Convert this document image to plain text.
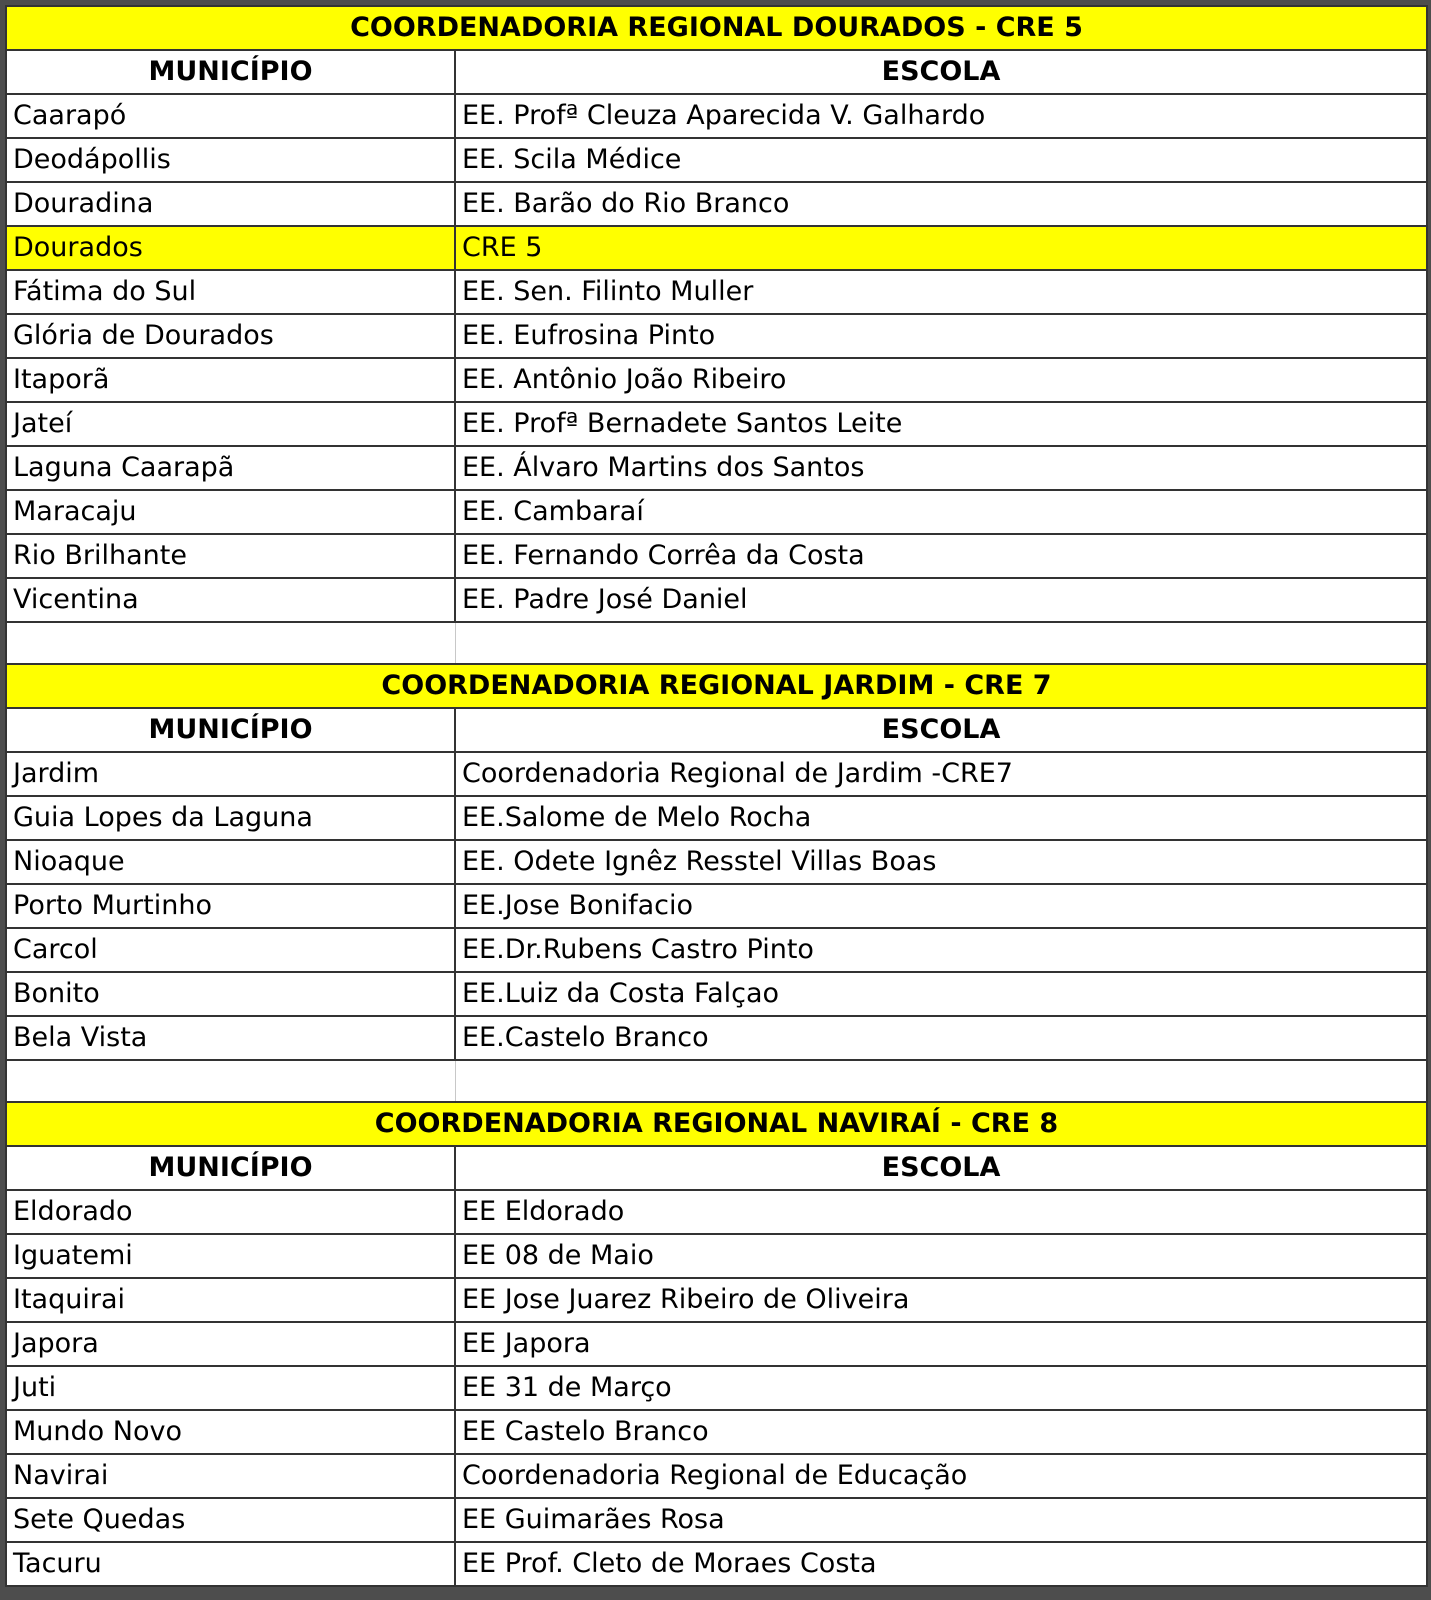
COORDENADORIA REGIONAL DOURADOS - CRE 5	
MUNICÍPIO	ESCOLA
Caarapó	EE. Profª Cleuza Aparecida V. Galhardo
Deodápollis	EE. Scila Médice
Douradina	EE. Barão do Rio Branco
Dourados	CRE 5
Fátima do Sul	EE. Sen. Filinto Muller
Glória de Dourados	EE. Eufrosina Pinto
Itaporã	EE. Antônio João Ribeiro
Jateí	EE. Profª Bernadete Santos Leite
Laguna Caarapã	EE. Álvaro Martins dos Santos
Maracaju	EE. Cambaraí
Rio Brilhante	EE. Fernando Corrêa da Costa
Vicentina	EE. Padre José Daniel

COORDENADORIA REGIONAL JARDIM - CRE 7	
MUNICÍPIO	ESCOLA
Jardim	Coordenadoria Regional de Jardim -CRE7
Guia Lopes da Laguna	EE.Salome de Melo Rocha
Nioaque	EE. Odete Ignêz Resstel Villas Boas
Porto Murtinho	EE.Jose Bonifacio
Carcol	EE.Dr.Rubens Castro Pinto
Bonito	EE.Luiz da Costa Falçao
Bela Vista	EE.Castelo Branco

COORDENADORIA REGIONAL NAVIRAÍ - CRE 8	
MUNICÍPIO	ESCOLA
Eldorado	EE Eldorado
Iguatemi	EE 08 de Maio
Itaquirai	EE Jose Juarez Ribeiro de Oliveira
Japora	EE Japora
Juti	EE 31 de Março
Mundo Novo	EE Castelo Branco
Navirai	Coordenadoria Regional de Educação
Sete Quedas	EE Guimarães Rosa
Tacuru	EE Prof. Cleto de Moraes Costa
